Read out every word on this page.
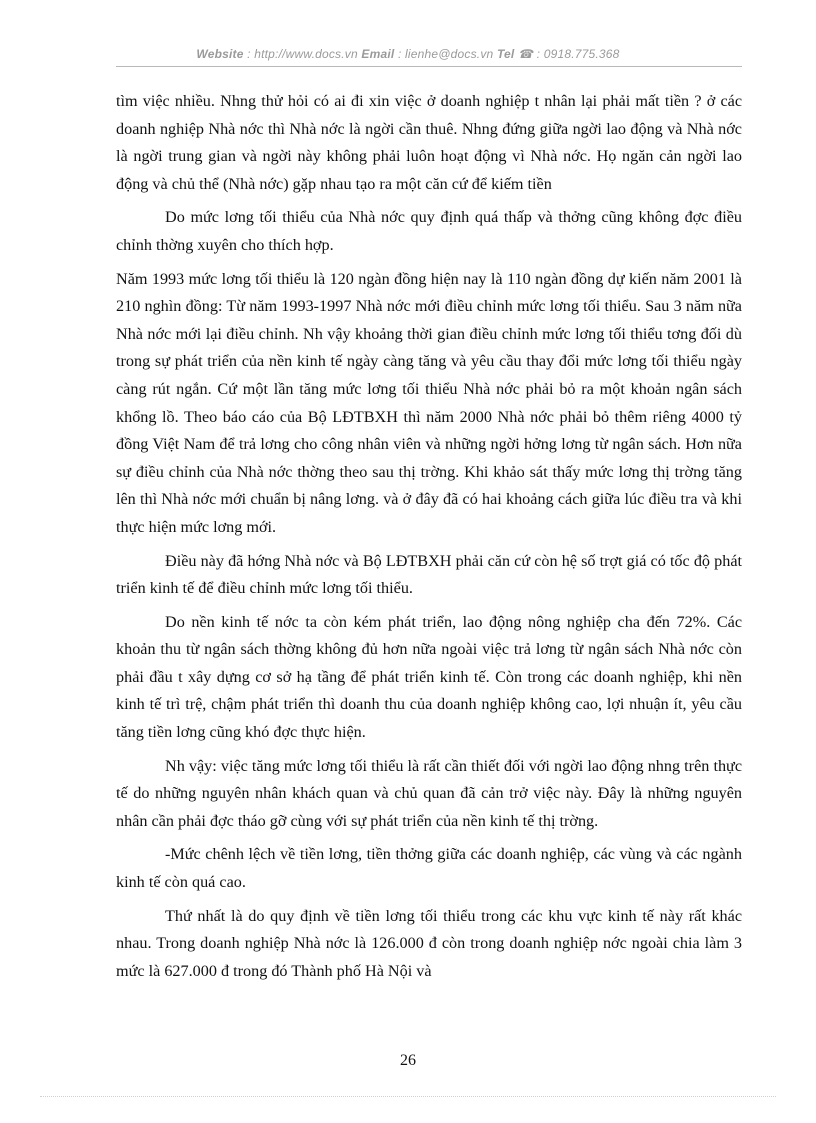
Website : http://www.docs.vn Email : lienhe@docs.vn Tel ☎ : 0918.775.368

tìm việc nhiều. Nhng thử hỏi có ai đi xin việc ở doanh nghiệp t nhân lại phải mất tiền ? ở các doanh nghiệp Nhà nớc thì Nhà nớc là ngời cần thuê. Nhng đứng giữa ngời lao động và Nhà nớc là ngời trung gian và ngời này không phải luôn hoạt động vì Nhà nớc. Họ ngăn cản ngời lao động và chủ thể (Nhà nớc) gặp nhau tạo ra một căn cứ để kiếm tiền

Do mức lơng tối thiểu của Nhà nớc quy định quá thấp và thởng cũng không đợc điều chỉnh thờng xuyên cho thích hợp.

Năm 1993 mức lơng tối thiểu là 120 ngàn đồng hiện nay là 110 ngàn đồng dự kiến năm 2001 là 210 nghìn đồng: Từ năm 1993-1997 Nhà nớc mới điều chỉnh mức lơng tối thiểu. Sau 3 năm nữa Nhà nớc mới lại điều chỉnh. Nh vậy khoảng thời gian điều chỉnh mức lơng tối thiểu tơng đối dù trong sự phát triển của nền kinh tế ngày càng tăng và yêu cầu thay đổi mức lơng tối thiểu ngày càng rút ngắn. Cứ một lần tăng mức lơng tối thiểu Nhà nớc phải bỏ ra một khoản ngân sách khổng lồ. Theo báo cáo của Bộ LĐTBXH thì năm 2000 Nhà nớc phải bỏ thêm riêng 4000 tỷ đồng Việt Nam để trả lơng cho công nhân viên và những ngời hởng lơng từ ngân sách. Hơn nữa sự điều chỉnh của Nhà nớc thờng theo sau thị trờng. Khi khảo sát thấy mức lơng thị trờng tăng lên thì Nhà nớc mới chuẩn bị nâng lơng. và ở đây đã có hai khoảng cách giữa lúc điều tra và khi thực hiện mức lơng mới.

Điều này đã hớng Nhà nớc và Bộ LĐTBXH phải căn cứ còn hệ số trợt giá có tốc độ phát triển kinh tế để điều chỉnh mức lơng tối thiểu.

Do nền kinh tế nớc ta còn kém phát triển, lao động nông nghiệp cha đến 72%. Các khoản thu từ ngân sách thờng không đủ hơn nữa ngoài việc trả lơng từ ngân sách Nhà nớc còn phải đầu t xây dựng cơ sở hạ tầng để phát triển kinh tế. Còn trong các doanh nghiệp, khi nền kinh tế trì trệ, chậm phát triển thì doanh thu của doanh nghiệp không cao, lợi nhuận ít, yêu cầu tăng tiền lơng cũng khó đợc thực hiện.

Nh vậy: việc tăng mức lơng tối thiểu là rất cần thiết đối với ngời lao động nhng trên thực tế do những nguyên nhân khách quan và chủ quan đã cản trở việc này. Đây là những nguyên nhân cần phải đợc tháo gỡ cùng với sự phát triển của nền kinh tế thị trờng.

-Mức chênh lệch về tiền lơng, tiền thởng giữa các doanh nghiệp, các vùng và các ngành kinh tế còn quá cao.

Thứ nhất là do quy định về tiền lơng tối thiểu trong các khu vực kinh tế này rất khác nhau. Trong doanh nghiệp Nhà nớc là 126.000 đ còn trong doanh nghiệp nớc ngoài chia làm 3 mức là 627.000 đ trong đó Thành phố Hà Nội và

26
